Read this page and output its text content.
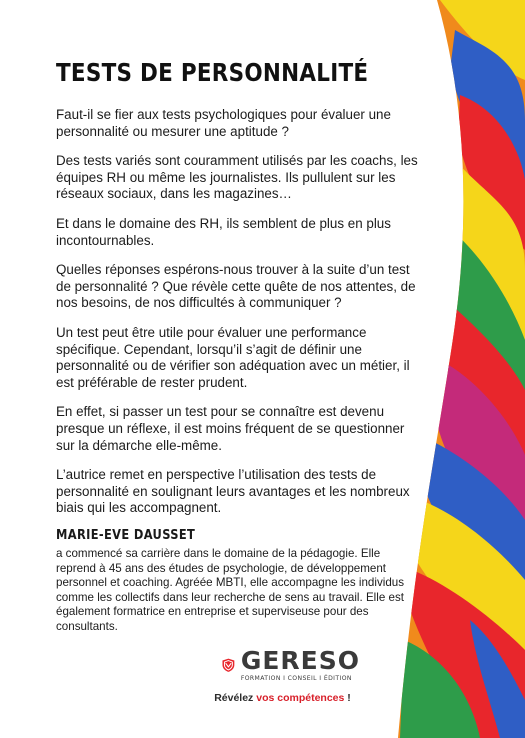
TESTS DE PERSONNALITÉ

Faut-il se fier aux tests psychologiques pour évaluer une personnalité ou mesurer une aptitude ?

Des tests variés sont couramment utilisés par les coachs, les équipes RH ou même les journalistes. Ils pullulent sur les réseaux sociaux, dans les magazines…

Et dans le domaine des RH, ils semblent de plus en plus incontournables.

Quelles réponses espérons-nous trouver à la suite d’un test de personnalité ? Que révèle cette quête de nos attentes, de nos besoins, de nos difficultés à communiquer ?

Un test peut être utile pour évaluer une performance spécifique. Cependant, lorsqu’il s’agit de définir une personnalité ou de vérifier son adéquation avec un métier, il est préférable de rester prudent.

En effet, si passer un test pour se connaître est devenu presque un réflexe, il est moins fréquent de se questionner sur la démarche elle-même.

L’autrice remet en perspective l’utilisation des tests de personnalité en soulignant leurs avantages et les nombreux biais qui les accompagnent.

MARIE-EVE DAUSSET

a commencé sa carrière dans le domaine de la pédagogie. Elle reprend à 45 ans des études de psychologie, de développement personnel et coaching. Agréée MBTI, elle accompagne les individus comme les collectifs dans leur recherche de sens au travail. Elle est également formatrice en entreprise et superviseuse pour des consultants.

GERESO
FORMATION I CONSEIL I ÉDITION
Révélez vos compétences !
